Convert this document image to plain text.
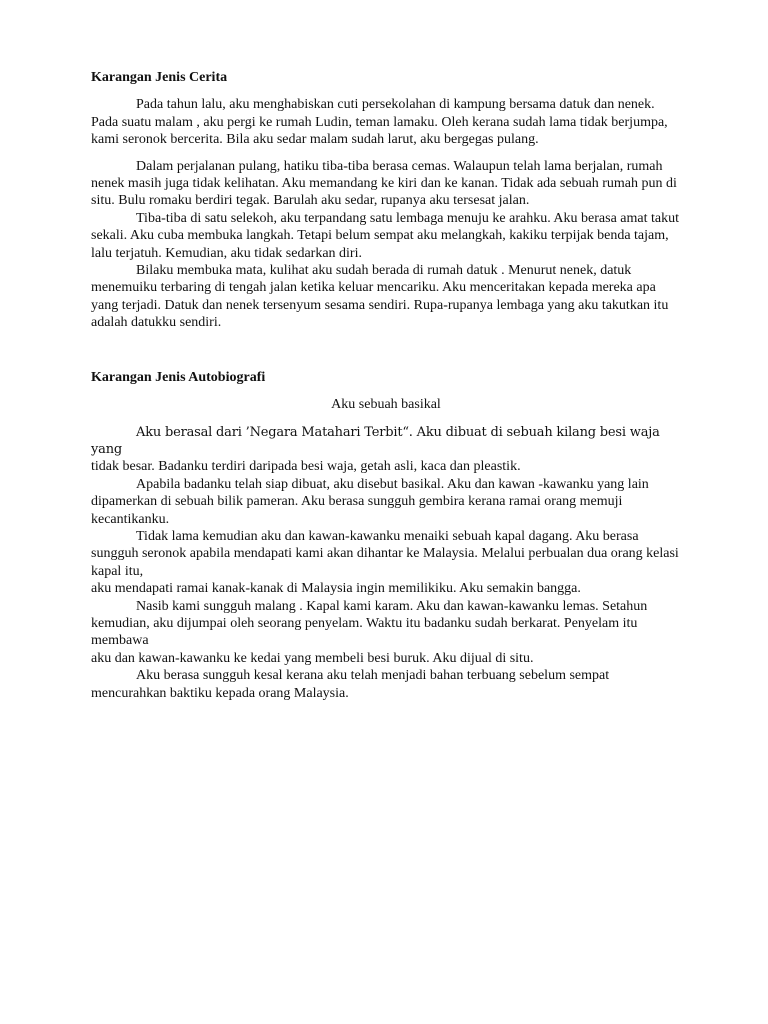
Karangan Jenis Cerita

Pada tahun lalu, aku menghabiskan cuti persekolahan di kampung bersama datuk dan nenek. Pada suatu malam , aku pergi ke rumah Ludin, teman lamaku. Oleh kerana sudah lama tidak berjumpa, kami seronok bercerita. Bila aku sedar malam sudah larut, aku bergegas pulang.

Dalam perjalanan pulang, hatiku tiba-tiba berasa cemas. Walaupun telah lama berjalan, rumah nenek masih juga tidak kelihatan. Aku memandang ke kiri dan ke kanan. Tidak ada sebuah rumah pun di situ. Bulu romaku berdiri tegak. Barulah aku sedar, rupanya aku tersesat jalan.

Tiba-tiba di satu selekoh, aku terpandang satu lembaga menuju ke arahku. Aku berasa amat takut sekali. Aku cuba membuka langkah. Tetapi belum sempat aku melangkah, kakiku terpijak benda tajam, lalu terjatuh. Kemudian, aku tidak sedarkan diri.

Bilaku membuka mata, kulihat aku sudah berada di rumah datuk . Menurut nenek, datuk menemuiku terbaring di tengah jalan ketika keluar mencariku. Aku menceritakan kepada mereka apa yang terjadi. Datuk dan nenek tersenyum sesama sendiri. Rupa-rupanya lembaga yang aku takutkan itu adalah datukku sendiri.

Karangan Jenis Autobiografi

Aku sebuah basikal

Aku berasal dari ’Negara Matahari Terbit“. Aku dibuat di sebuah kilang besi waja yang

tidak besar. Badanku terdiri daripada besi waja, getah asli, kaca dan pleastik.

Apabila badanku telah siap dibuat, aku disebut basikal. Aku dan kawan -kawanku yang lain dipamerkan di sebuah bilik pameran. Aku berasa sungguh gembira kerana ramai orang memuji kecantikanku.

Tidak lama kemudian aku dan kawan-kawanku menaiki sebuah kapal dagang. Aku berasa sungguh seronok apabila mendapati kami akan dihantar ke Malaysia. Melalui perbualan dua orang kelasi kapal itu,

aku mendapati ramai kanak-kanak di Malaysia ingin memilikiku. Aku semakin bangga.

Nasib kami sungguh malang . Kapal kami karam. Aku dan kawan-kawanku lemas. Setahun kemudian, aku dijumpai oleh seorang penyelam. Waktu itu badanku sudah berkarat. Penyelam itu membawa

aku dan kawan-kawanku ke kedai yang membeli besi buruk. Aku dijual di situ.

Aku berasa sungguh kesal kerana aku telah menjadi bahan terbuang sebelum sempat mencurahkan baktiku kepada orang Malaysia.
